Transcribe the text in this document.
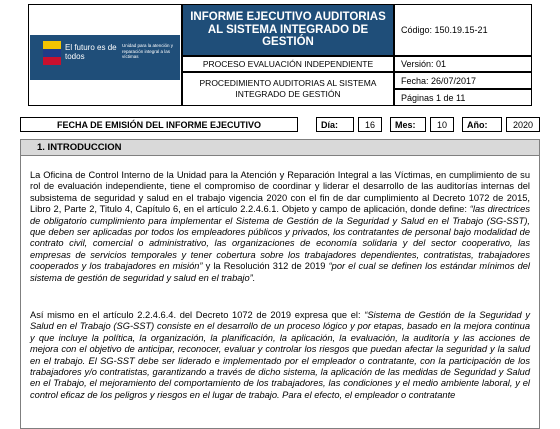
El futuro es de todos
Unidad para la atención y reparación integral a las víctimas
INFORME EJECUTIVO AUDITORIAS AL SISTEMA INTEGRADO DE GESTIÓN
Código: 150.19.15-21
PROCESO EVALUACIÓN INDEPENDIENTE	Versión: 01
PROCEDIMIENTO AUDITORIAS AL SISTEMA INTEGRADO DE GESTIÓN
Fecha: 26/07/2017
Páginas 1 de 11
FECHA DE EMISIÓN DEL INFORME EJECUTIVO	Día:	16	Mes:	10	Año:	2020
1. INTRODUCCION
La Oficina de Control Interno de la Unidad para la Atención y Reparación Integral a las Víctimas, en cumplimiento de su rol de evaluación independiente, tiene el compromiso de coordinar y liderar el desarrollo de las auditorías internas del subsistema de seguridad y salud en el trabajo vigencia 2020 con el fin de dar cumplimiento al Decreto 1072 de 2015, Libro 2, Parte 2, Titulo 4, Capítulo 6, en el artículo 2.2.4.6.1. Objeto y campo de aplicación, donde define: “las directrices de obligatorio cumplimiento para implementar el Sistema de Gestión de la Seguridad y Salud en el Trabajo (SG-SST), que deben ser aplicadas por todos los empleadores públicos y privados, los contratantes de personal bajo modalidad de contrato civil, comercial o administrativo, las organizaciones de economía solidaria y del sector cooperativo, las empresas de servicios temporales y tener cobertura sobre los trabajadores dependientes, contratistas, trabajadores cooperados y los trabajadores en misión” y la Resolución 312 de 2019 “por el cual se definen los estándar mínimos del sistema de gestión de seguridad y salud en el trabajo”.
Así mismo en el artículo 2.2.4.6.4. del Decreto 1072 de 2019 expresa que el: “Sistema de Gestión de la Seguridad y Salud en el Trabajo (SG-SST) consiste en el desarrollo de un proceso lógico y por etapas, basado en la mejora continua y que incluye la política, la organización, la planificación, la aplicación, la evaluación, la auditoría y las acciones de mejora con el objetivo de anticipar, reconocer, evaluar y controlar los riesgos que puedan afectar la seguridad y la salud en el trabajo. El SG-SST debe ser liderado e implementado por el empleador o contratante, con la participación de los trabajadores y/o contratistas, garantizando a través de dicho sistema, la aplicación de las medidas de Seguridad y Salud en el Trabajo, el mejoramiento del comportamiento de los trabajadores, las condiciones y el medio ambiente laboral, y el control eficaz de los peligros y riesgos en el lugar de trabajo. Para el efecto, el empleador o contratante
